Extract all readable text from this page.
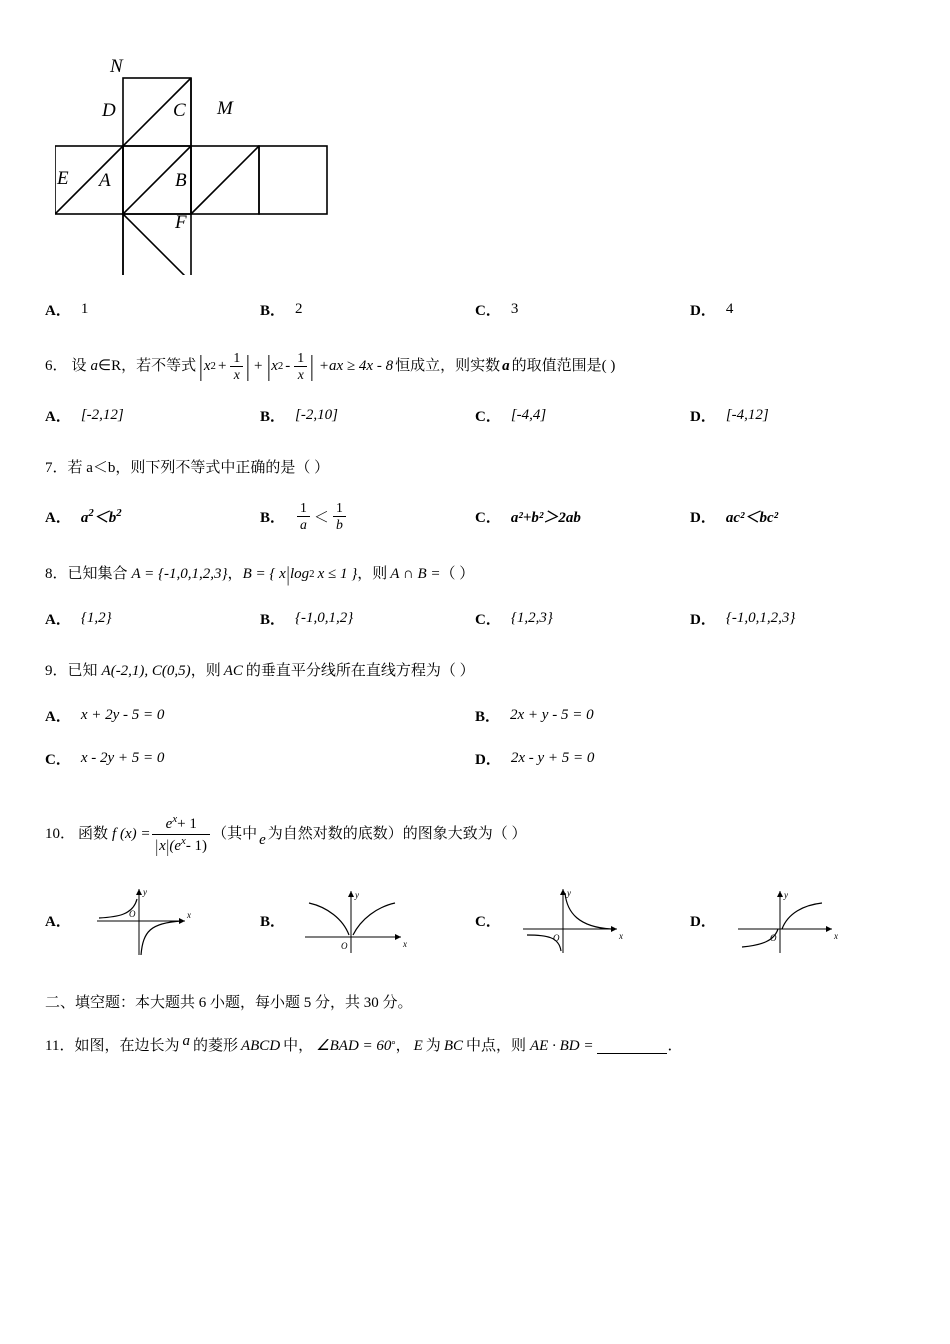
N
D	C M
E A	B
F
A． 1	B． 2	C． 3	D． 4
6． 设 a ∈R ， 若不等式 | x $2 + \frac{1}{x}$ | + | x $2 - \frac{1}{x}$ | +ax ≥ 4x - 8 恒成立，则实数 a 的取值范围是( )
A． [-2,12]	B． [-2,10]	C． [-4,4]	D． [-4,12]
7．若 a＜b，则下列不等式中正确的是（ ）
A． $a^2<b^2$	B． $\frac{1}{a} < \frac{1}{b}$	C． a²+b²＞2ab	D． ac²＜bc²
8． 已知集合 A = {-1,0,1,2,3} ， B = { x | log 2 x ≤ 1 } ，则 A ∩ B = （ ）
A． {1,2}	B． {-1,0,1,2}	C． {1,2,3}	D． {-1,0,1,2,3}
9． 已知 A(-2,1), C(0,5) ，则 AC 的垂直平分线所在直线方程为（ ）
A． x + 2y - 5 = 0	B． 2x + y - 5 = 0
C． x - 2y + 5 = 0	D． 2x - y + 5 = 0
10． 函数 f $(x) = \frac{e^x+ 1}{|x|(e^x- 1)}$ （其中 e 为自然对数的底数）的图象大致为（ ）
A．
O	x
y
B．
O	x
y
C．
O	x
y
D．
O	x
y
二、填空题：本大题共 6 小题，每小题 5 分，共 30 分。
11． 如图，在边长为 a 的菱形 ABCD 中， ∠BAD = 60 ° ， E 为 BC 中点，则 AE · BD =	．
